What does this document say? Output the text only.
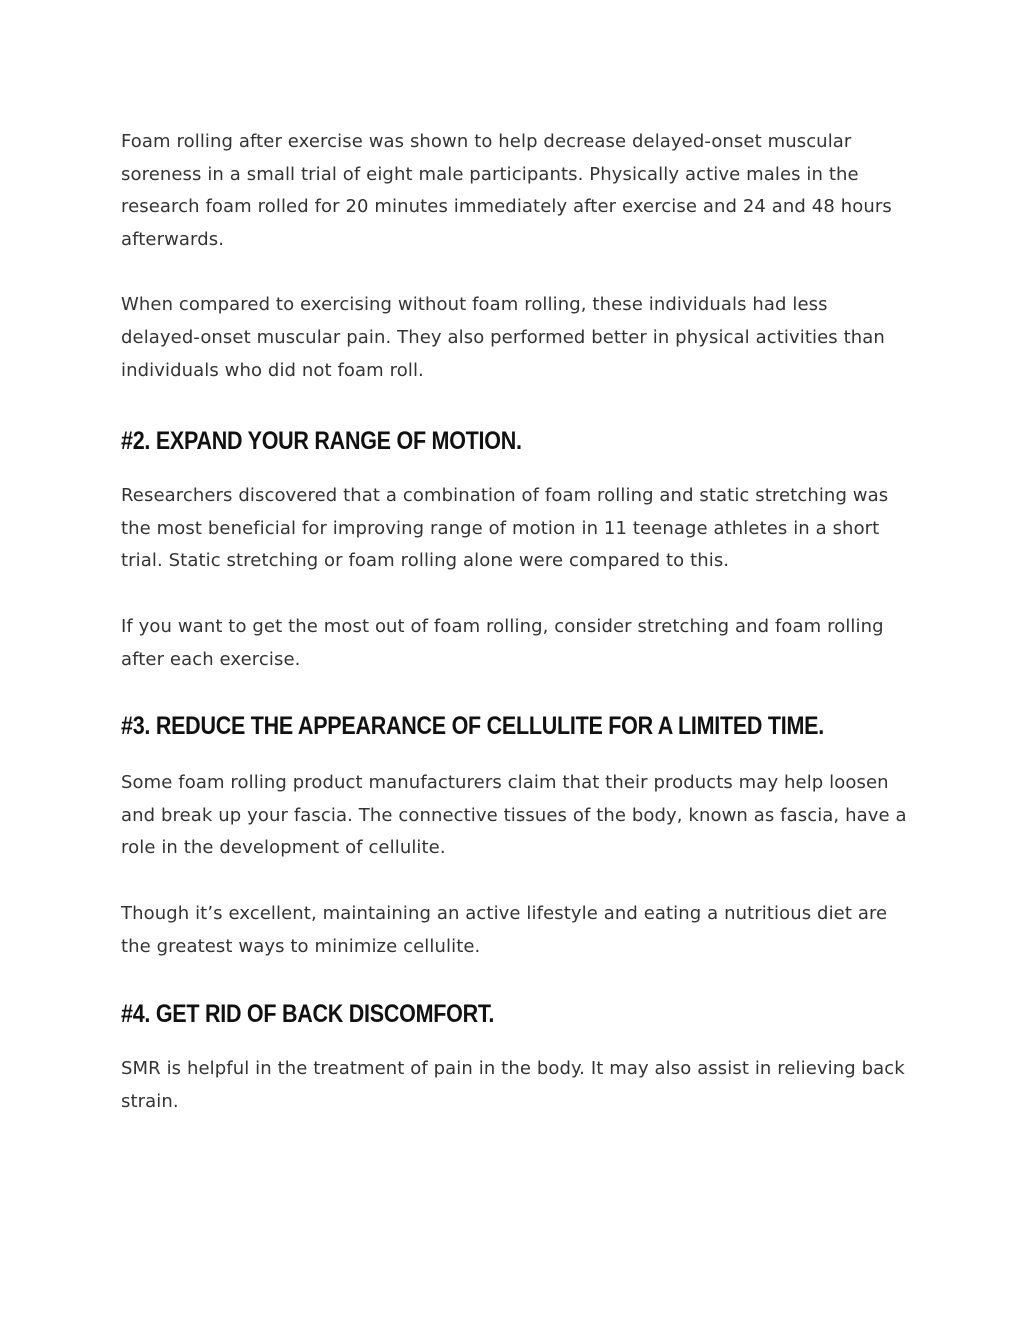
Foam rolling after exercise was shown to help decrease delayed-onset muscular soreness in a small trial of eight male participants. Physically active males in the research foam rolled for 20 minutes immediately after exercise and 24 and 48 hours afterwards.

When compared to exercising without foam rolling, these individuals had less delayed-onset muscular pain. They also performed better in physical activities than individuals who did not foam roll.

#2. EXPAND YOUR RANGE OF MOTION.

Researchers discovered that a combination of foam rolling and static stretching was the most beneficial for improving range of motion in 11 teenage athletes in a short trial. Static stretching or foam rolling alone were compared to this.

If you want to get the most out of foam rolling, consider stretching and foam rolling after each exercise.

#3. REDUCE THE APPEARANCE OF CELLULITE FOR A LIMITED TIME.

Some foam rolling product manufacturers claim that their products may help loosen and break up your fascia. The connective tissues of the body, known as fascia, have a role in the development of cellulite.

Though it’s excellent, maintaining an active lifestyle and eating a nutritious diet are the greatest ways to minimize cellulite.

#4. GET RID OF BACK DISCOMFORT.

SMR is helpful in the treatment of pain in the body. It may also assist in relieving back strain.
